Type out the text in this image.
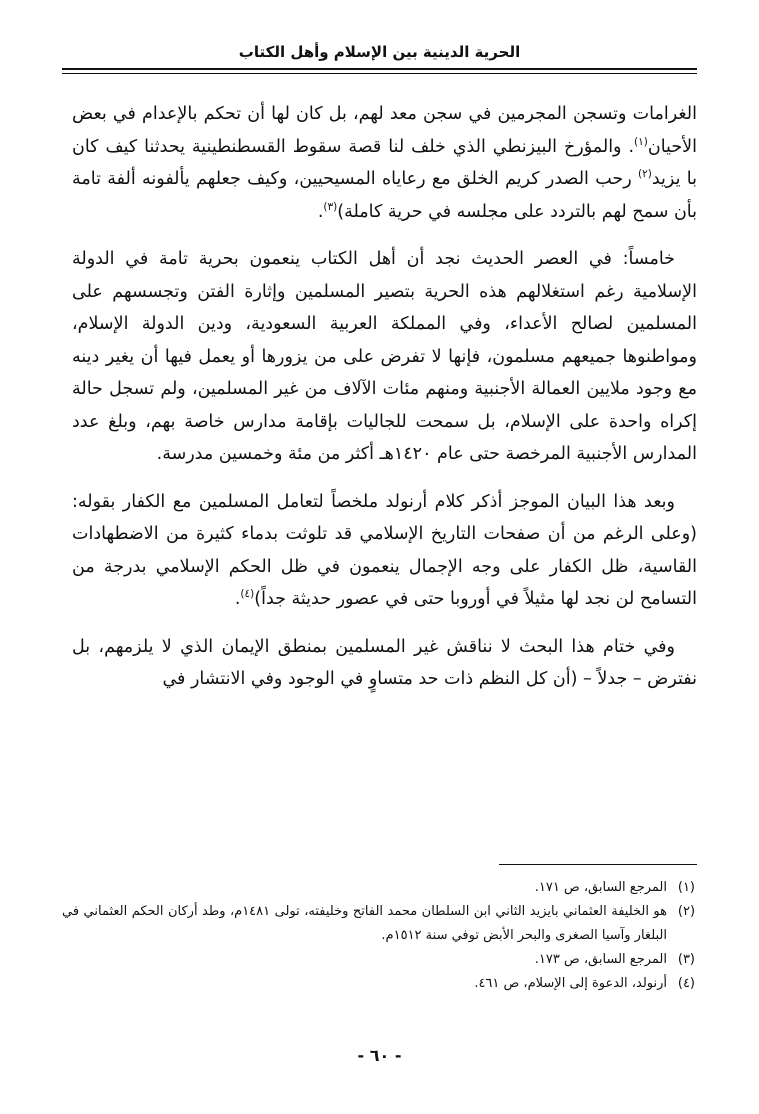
الحرية الدينية بين الإسلام وأهل الكتاب

الغرامات وتسجن المجرمين في سجن معد لهم، بل كان لها أن تحكم بالإعدام في بعض الأحيان$^{(١)}$. والمؤرخ البيزنطي الذي خلف لنا قصة سقوط القسطنطينية يحدثنا كيف كان با يزيد$^{(٢)}$ رحب الصدر كريم الخلق مع رعاياه المسيحيين، وكيف جعلهم يألفونه ألفة تامة بأن سمح لهم بالتردد على مجلسه في حرية كاملة)$^{(٣)}$.

خامساً: في العصر الحديث نجد أن أهل الكتاب ينعمون بحرية تامة في الدولة الإسلامية رغم استغلالهم هذه الحرية بتصير المسلمين وإثارة الفتن وتجسسهم على المسلمين لصالح الأعداء، وفي المملكة العربية السعودية، ودين الدولة الإسلام، ومواطنوها جميعهم مسلمون، فإنها لا تفرض على من يزورها أو يعمل فيها أن يغير دينه مع وجود ملايين العمالة الأجنبية ومنهم مئات الآلاف من غير المسلمين، ولم تسجل حالة إكراه واحدة على الإسلام، بل سمحت للجاليات بإقامة مدارس خاصة بهم، وبلغ عدد المدارس الأجنبية المرخصة حتى عام ١٤٢٠هـ أكثر من مئة وخمسين مدرسة.

وبعد هذا البيان الموجز أذكر كلام أرنولد ملخصاً لتعامل المسلمين مع الكفار بقوله: (وعلى الرغم من أن صفحات التاريخ الإسلامي قد تلوثت بدماء كثيرة من الاضطهادات القاسية، ظل الكفار على وجه الإجمال ينعمون في ظل الحكم الإسلامي بدرجة من التسامح لن نجد لها مثيلاً في أوروبا حتى في عصور حديثة جداً)$^{(٤)}$.

وفي ختام هذا البحث لا نناقش غير المسلمين بمنطق الإيمان الذي لا يلزمهم، بل نفترض – جدلاً – (أن كل النظم ذات حد متساوٍ في الوجود وفي الانتشار في

(١)المرجع السابق، ص ١٧١.

(٢)هو الخليفة العثماني بايزيد الثاني ابن السلطان محمد الفاتح وخليفته، تولى ١٤٨١م، وطد أركان الحكم العثماني في البلغار وآسيا الصغرى والبحر الأبض توفي سنة ١٥١٢م.

(٣)المرجع السابق، ص ١٧٣.

(٤)أرنولد، الدعوة إلى الإسلام، ص ٤٦١.

- ٦٠ -
